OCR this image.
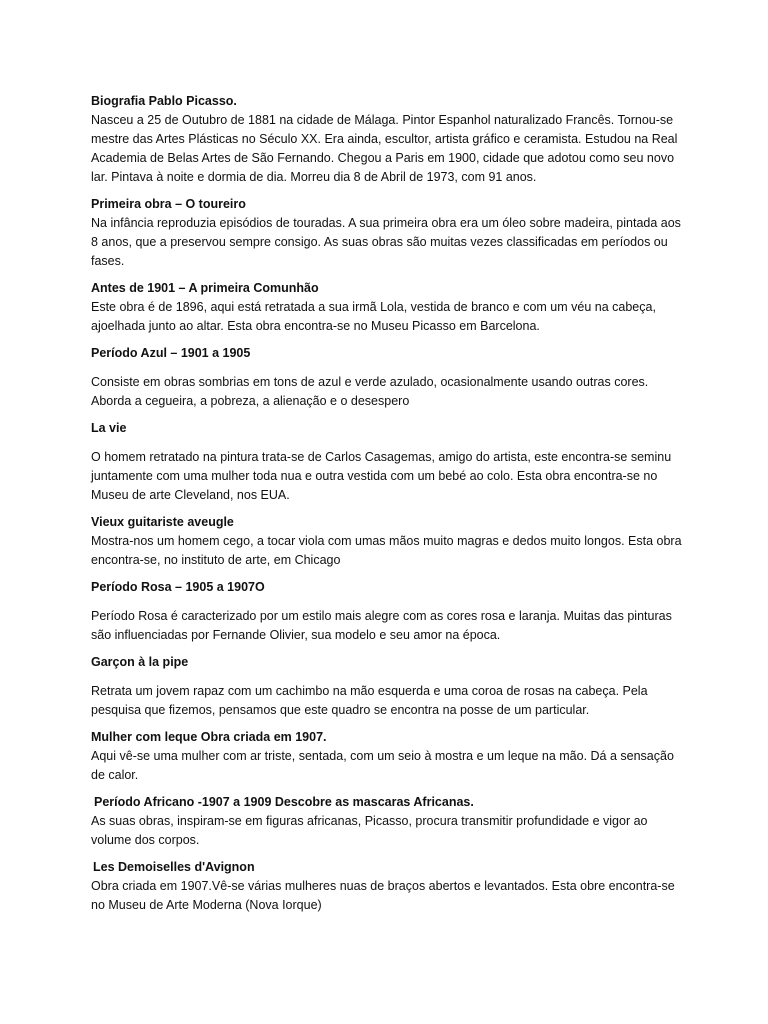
Biografia Pablo Picasso.

Nasceu a 25 de Outubro de 1881 na cidade de Málaga. Pintor Espanhol naturalizado Francês. Tornou-se mestre das Artes Plásticas no Século XX. Era ainda, escultor, artista gráfico e ceramista. Estudou na Real Academia de Belas Artes de São Fernando. Chegou a Paris em 1900, cidade que adotou como seu novo lar. Pintava à noite e dormia de dia. Morreu dia 8 de Abril de 1973, com 91 anos.

Primeira obra – O toureiro

Na infância reproduzia episódios de touradas. A sua primeira obra era um óleo sobre madeira, pintada aos 8 anos, que a preservou sempre consigo. As suas obras são muitas vezes classificadas em períodos ou fases.

Antes de 1901 – A primeira Comunhão

Este obra é de 1896, aqui está retratada a sua irmã Lola, vestida de branco e com um véu na cabeça, ajoelhada junto ao altar. Esta obra encontra-se no Museu Picasso em Barcelona.

Período Azul – 1901 a 1905

Consiste em obras sombrias em tons de azul e verde azulado, ocasionalmente usando outras cores. Aborda a cegueira, a pobreza, a alienação e o desespero

La vie

O homem retratado na pintura trata-se de Carlos Casagemas, amigo do artista, este encontra-se seminu juntamente com uma mulher toda nua e outra vestida com um bebé ao colo. Esta obra encontra-se no Museu de arte Cleveland, nos EUA.

Vieux guitariste aveugle

Mostra-nos um homem cego, a tocar viola com umas mãos muito magras e dedos muito longos. Esta obra encontra-se, no instituto de arte, em Chicago

Período Rosa – 1905 a 1907O

Período Rosa é caracterizado por um estilo mais alegre com as cores rosa e laranja. Muitas das pinturas são influenciadas por Fernande Olivier, sua modelo e seu amor na época.

Garçon à la pipe

Retrata um jovem rapaz com um cachimbo na mão esquerda e uma coroa de rosas na cabeça. Pela pesquisa que fizemos, pensamos que este quadro se encontra na posse de um particular.

Mulher com leque Obra criada em 1907.

Aqui vê-se uma mulher com ar triste, sentada, com um seio à mostra e um leque na mão. Dá a sensação de calor.

Período Africano -1907 a 1909 Descobre as mascaras Africanas.

As suas obras, inspiram-se em figuras africanas, Picasso, procura transmitir profundidade e vigor ao volume dos corpos.

Les Demoiselles d'Avignon

Obra criada em 1907.Vê-se várias mulheres nuas de braços abertos e levantados. Esta obre encontra-se no Museu de Arte Moderna (Nova Iorque)
